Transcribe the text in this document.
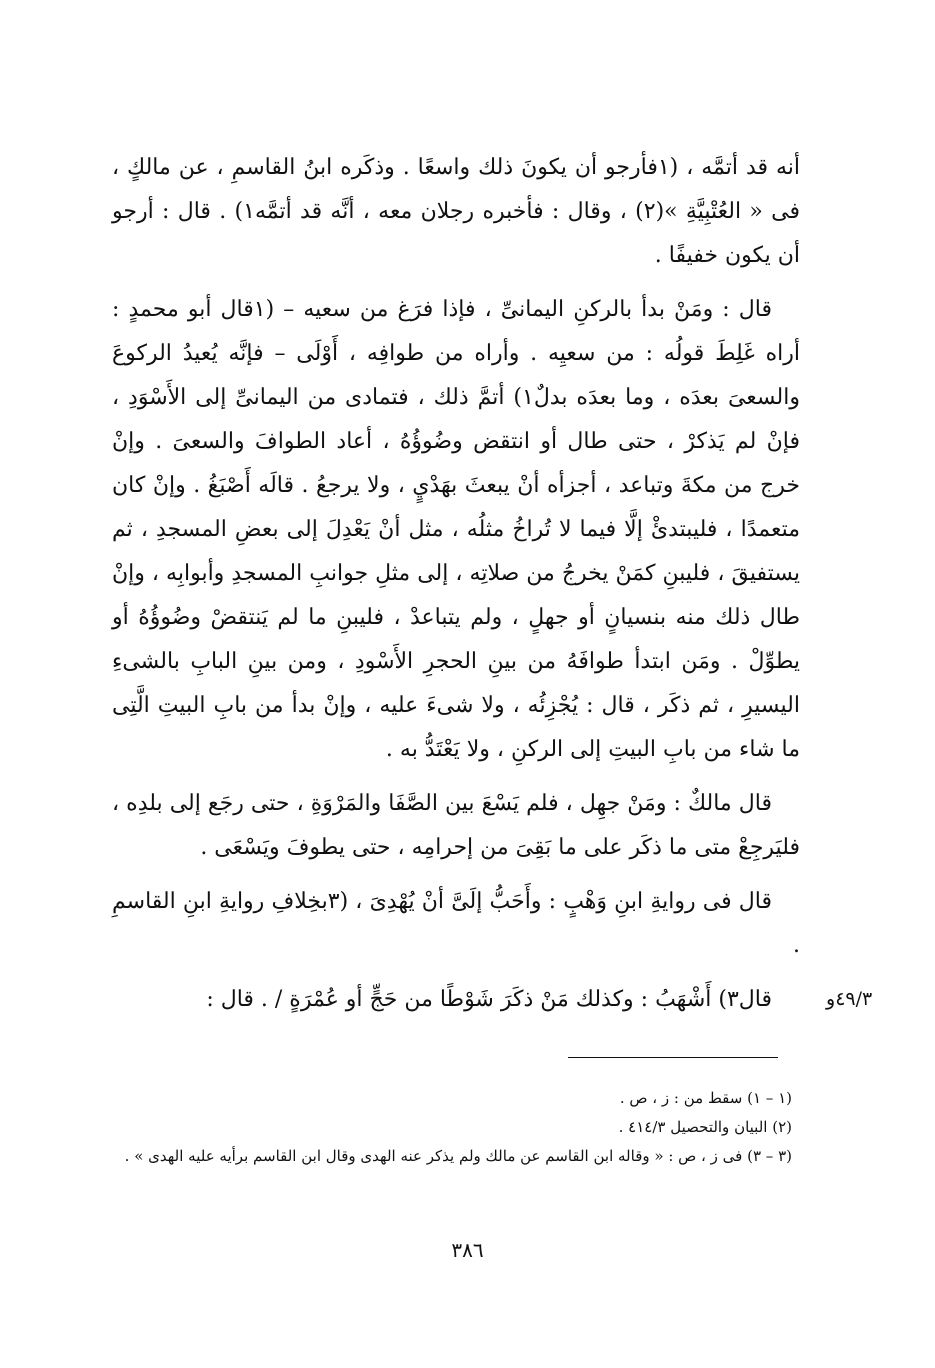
أنه قد أتمَّه ، (١فأرجو أن يكونَ ذلك واسعًا . وذكَره ابنُ القاسمِ ، عن مالكٍ ، فى « العُتْبِيَّةِ »(٢) ، وقال : فأخبره رجلان معه ، أنَّه قد أتمَّه١) . قال : أرجو أن يكون خفيفًا .

قال : ومَنْ بدأ بالركنِ اليمانىِّ ، فإذا فرَغ من سعيه – (١قال أبو محمدٍ : أراه غَلِطَ قولُه : من سعيِه . وأراه من طوافِه ، أَوْلَى – فإنَّه يُعيدُ الركوعَ والسعىَ بعدَه ، وما بعدَه بدلٌ١) أتمَّ ذلك ، فتمادى من اليمانىِّ إلى الأَسْوَدِ ، فإنْ لم يَذكرْ ، حتى طال أو انتقض وضُوؤُهُ ، أعاد الطوافَ والسعىَ . وإنْ خرج من مكةَ وتباعد ، أجزأه أنْ يبعثَ بهَدْيٍ ، ولا يرجعُ . قالَه أَصْبَغُ . وإنْ كان متعمدًا ، فليبتدئْ إلَّا فيما لا تُراخُ مثلُه ، مثل أنْ يَعْدِلَ إلى بعضِ المسجدِ ، ثم يستفيقَ ، فليبنِ كمَنْ يخرجُ من صلاتِه ، إلى مثلِ جوانبِ المسجدِ وأبوابِه ، وإنْ طال ذلك منه بنسيانٍ أو جهلٍ ، ولم يتباعدْ ، فليبنِ ما لم يَنتقضْ وضُوؤُهُ أو يطوِّلْ . ومَن ابتدأ طوافَهُ من بينِ الحجرِ الأَسْودِ ، ومن بينِ البابِ بالشىءِ اليسيرِ ، ثم ذكَر ، قال : يُجْزِئُه ، ولا شىءَ عليه ، وإنْ بدأ من بابِ البيتِ الَّتِى ما شاء من بابِ البيتِ إلى الركنِ ، ولا يَعْتَدُّ به .

قال مالكٌ : ومَنْ جهِل ، فلم يَسْعَ بين الصَّفَا والمَرْوَةِ ، حتى رجَع إلى بلدِه ، فليَرجِعْ متى ما ذكَر على ما بَقِىَ من إحرامِه ، حتى يطوفَ ويَسْعَى .

قال فى روايةِ ابنِ وَهْبٍ : وأَحَبُّ إلَىَّ أنْ يُهْدِىَ ، (٣بخِلافِ روايةِ ابنِ القاسمِ .

قال٣) أَشْهَبُ : وكذلك مَنْ ذكَرَ شَوْطًا من حَجٍّ أو عُمْرَةٍ / . قال :	٤٩/٣و

(١ – ١) سقط من : ز ، ص .

(٢) البيان والتحصيل ٤١٤/٣ .

(٣ – ٣) فى ز ، ص : « وقاله ابن القاسم عن مالك ولم يذكر عنه الهدى وقال ابن القاسم برأيه عليه الهدى » .

٣٨٦
